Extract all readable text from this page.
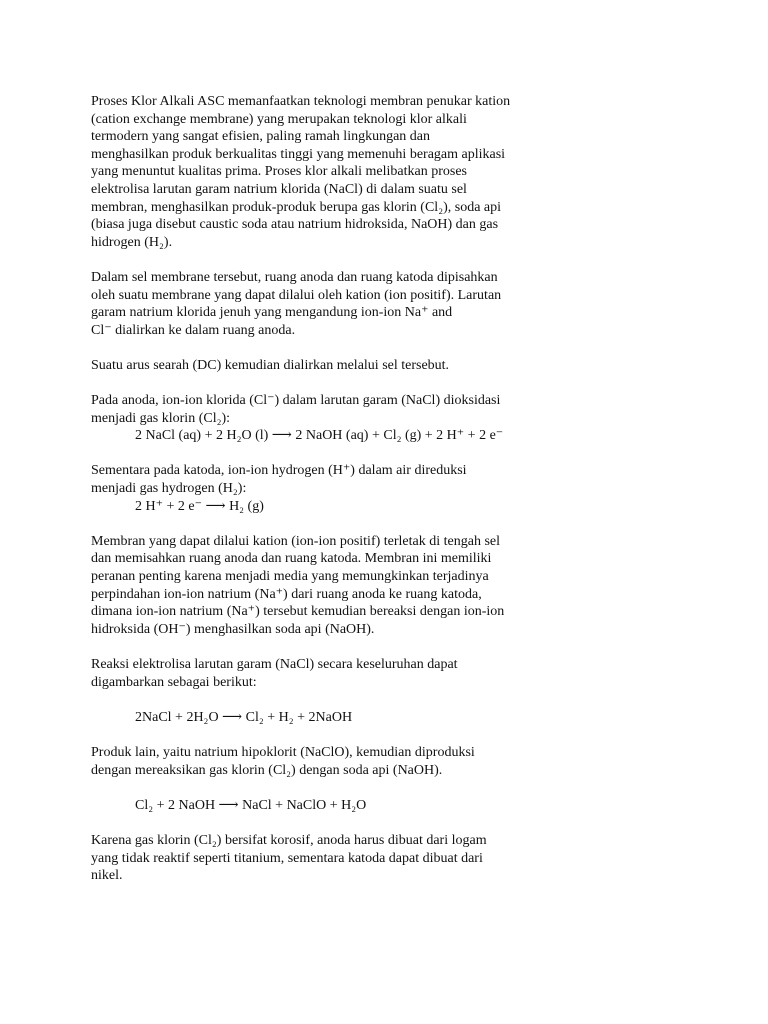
Proses Klor Alkali ASC memanfaatkan teknologi membran penukar kation
(cation exchange membrane) yang merupakan teknologi klor alkali
termodern yang sangat efisien, paling ramah lingkungan dan
menghasilkan produk berkualitas tinggi yang memenuhi beragam aplikasi
yang menuntut kualitas prima. Proses klor alkali melibatkan proses
elektrolisa larutan garam natrium klorida (NaCl) di dalam suatu sel
membran, menghasilkan produk-produk berupa gas klorin (Cl₂), soda api
(biasa juga disebut caustic soda atau natrium hidroksida, NaOH) dan gas
hidrogen (H₂).
Dalam sel membrane tersebut, ruang anoda dan ruang katoda dipisahkan
oleh suatu membrane yang dapat dilalui oleh kation (ion positif). Larutan
garam natrium klorida jenuh yang mengandung ion-ion Na⁺ and
Cl⁻ dialirkan ke dalam ruang anoda.
Suatu arus searah (DC) kemudian dialirkan melalui sel tersebut.
Pada anoda, ion-ion klorida (Cl⁻) dalam larutan garam (NaCl) dioksidasi
menjadi gas klorin (Cl₂):
2 NaCl (aq) + 2 H₂O (l) ⟶ 2 NaOH (aq) + Cl₂ (g) + 2 H⁺ + 2 e⁻
Sementara pada katoda, ion-ion hydrogen (H⁺) dalam air direduksi
menjadi gas hydrogen (H₂):
2 H⁺ + 2 e⁻ ⟶ H₂ (g)
Membran yang dapat dilalui kation (ion-ion positif) terletak di tengah sel
dan memisahkan ruang anoda dan ruang katoda. Membran ini memiliki
peranan penting karena menjadi media yang memungkinkan terjadinya
perpindahan ion-ion natrium (Na⁺) dari ruang anoda ke ruang katoda,
dimana ion-ion natrium (Na⁺) tersebut kemudian bereaksi dengan ion-ion
hidroksida (OH⁻) menghasilkan soda api (NaOH).
Reaksi elektrolisa larutan garam (NaCl) secara keseluruhan dapat
digambarkan sebagai berikut:
2NaCl + 2H₂O ⟶ Cl₂ + H₂ + 2NaOH
Produk lain, yaitu natrium hipoklorit (NaClO), kemudian diproduksi
dengan mereaksikan gas klorin (Cl₂) dengan soda api (NaOH).
Cl₂ + 2 NaOH ⟶ NaCl + NaClO + H₂O
Karena gas klorin (Cl₂) bersifat korosif, anoda harus dibuat dari logam
yang tidak reaktif seperti titanium, sementara katoda dapat dibuat dari
nikel.
